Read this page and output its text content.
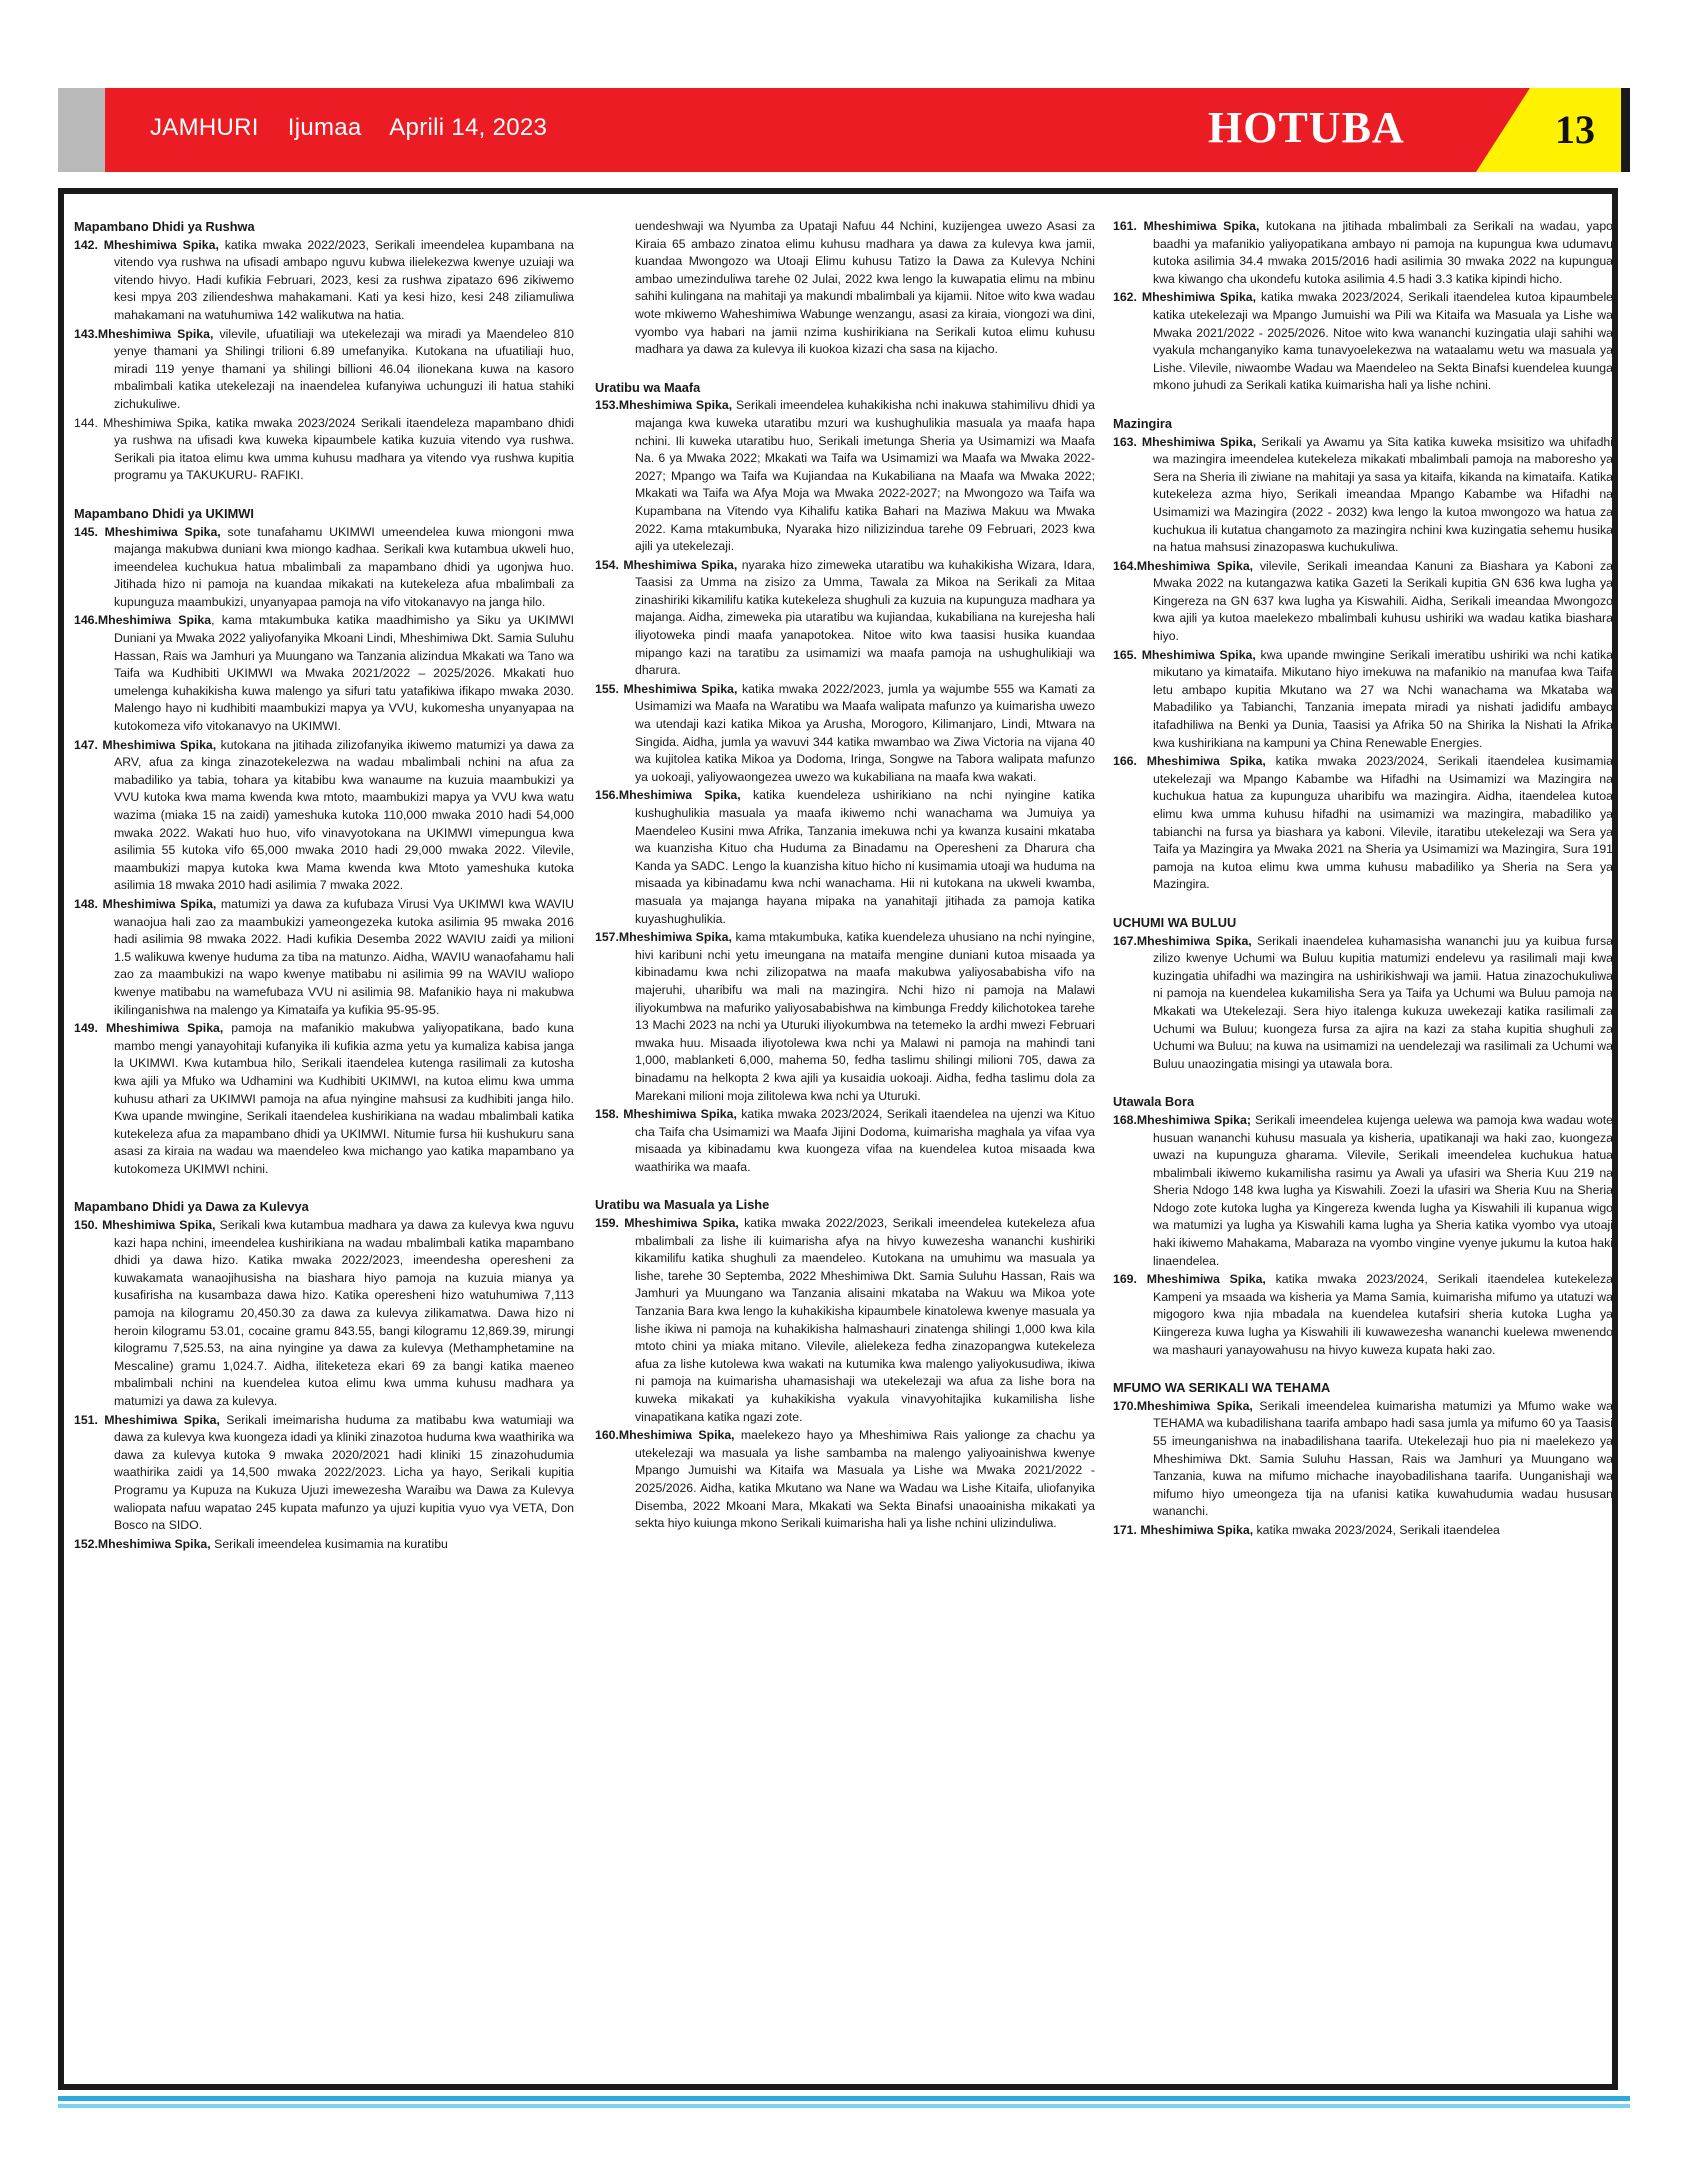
JAMHURI Ijumaa Aprili 14, 2023	HOTUBA	13
Mapambano Dhidi ya Rushwa

142. Mheshimiwa Spika, katika mwaka 2022/2023, Serikali imeendelea kupambana na vitendo vya rushwa na ufisadi ambapo nguvu kubwa ilielekezwa kwenye uzuiaji wa vitendo hivyo. Hadi kufikia Februari, 2023, kesi za rushwa zipatazo 696 zikiwemo kesi mpya 203 ziliendeshwa mahakamani. Kati ya kesi hizo, kesi 248 ziliamuliwa mahakamani na watuhumiwa 142 walikutwa na hatia.

143.Mheshimiwa Spika, vilevile, ufuatiliaji wa utekelezaji wa miradi ya Maendeleo 810 yenye thamani ya Shilingi trilioni 6.89 umefanyika. Kutokana na ufuatiliaji huo, miradi 119 yenye thamani ya shilingi billioni 46.04 ilionekana kuwa na kasoro mbalimbali katika utekelezaji na inaendelea kufanyiwa uchunguzi ili hatua stahiki zichukuliwe.

144. Mheshimiwa Spika, katika mwaka 2023/2024 Serikali itaendeleza mapambano dhidi ya rushwa na ufisadi kwa kuweka kipaumbele katika kuzuia vitendo vya rushwa. Serikali pia itatoa elimu kwa umma kuhusu madhara ya vitendo vya rushwa kupitia programu ya TAKUKURU- RAFIKI.

Mapambano Dhidi ya UKIMWI

145. Mheshimiwa Spika, sote tunafahamu UKIMWI umeendelea kuwa miongoni mwa majanga makubwa duniani kwa miongo kadhaa. Serikali kwa kutambua ukweli huo, imeendelea kuchukua hatua mbalimbali za mapambano dhidi ya ugonjwa huo. Jitihada hizo ni pamoja na kuandaa mikakati na kutekeleza afua mbalimbali za kupunguza maambukizi, unyanyapaa pamoja na vifo vitokanavyo na janga hilo.

146.Mheshimiwa Spika, kama mtakumbuka katika maadhimisho ya Siku ya UKIMWI Duniani ya Mwaka 2022 yaliyofanyika Mkoani Lindi, Mheshimiwa Dkt. Samia Suluhu Hassan, Rais wa Jamhuri ya Muungano wa Tanzania alizindua Mkakati wa Tano wa Taifa wa Kudhibiti UKIMWI wa Mwaka 2021/2022 – 2025/2026. Mkakati huo umelenga kuhakikisha kuwa malengo ya sifuri tatu yatafikiwa ifikapo mwaka 2030. Malengo hayo ni kudhibiti maambukizi mapya ya VVU, kukomesha unyanyapaa na kutokomeza vifo vitokanavyo na UKIMWI.

147. Mheshimiwa Spika, kutokana na jitihada zilizofanyika ikiwemo matumizi ya dawa za ARV, afua za kinga zinazotekelezwa na wadau mbalimbali nchini na afua za mabadiliko ya tabia, tohara ya kitabibu kwa wanaume na kuzuia maambukizi ya VVU kutoka kwa mama kwenda kwa mtoto, maambukizi mapya ya VVU kwa watu wazima (miaka 15 na zaidi) yameshuka kutoka 110,000 mwaka 2010 hadi 54,000 mwaka 2022. Wakati huo huo, vifo vinavyotokana na UKIMWI vimepungua kwa asilimia 55 kutoka vifo 65,000 mwaka 2010 hadi 29,000 mwaka 2022. Vilevile, maambukizi mapya kutoka kwa Mama kwenda kwa Mtoto yameshuka kutoka asilimia 18 mwaka 2010 hadi asilimia 7 mwaka 2022.

148. Mheshimiwa Spika, matumizi ya dawa za kufubaza Virusi Vya UKIMWI kwa WAVIU wanaojua hali zao za maambukizi yameongezeka kutoka asilimia 95 mwaka 2016 hadi asilimia 98 mwaka 2022. Hadi kufikia Desemba 2022 WAVIU zaidi ya milioni 1.5 walikuwa kwenye huduma za tiba na matunzo. Aidha, WAVIU wanaofahamu hali zao za maambukizi na wapo kwenye matibabu ni asilimia 99 na WAVIU waliopo kwenye matibabu na wamefubaza VVU ni asilimia 98. Mafanikio haya ni makubwa ikilinganishwa na malengo ya Kimataifa ya kufikia 95-95-95.

149. Mheshimiwa Spika, pamoja na mafanikio makubwa yaliyopatikana, bado kuna mambo mengi yanayohitaji kufanyika ili kufikia azma yetu ya kumaliza kabisa janga la UKIMWI. Kwa kutambua hilo, Serikali itaendelea kutenga rasilimali za kutosha kwa ajili ya Mfuko wa Udhamini wa Kudhibiti UKIMWI, na kutoa elimu kwa umma kuhusu athari za UKIMWI pamoja na afua nyingine mahsusi za kudhibiti janga hilo. Kwa upande mwingine, Serikali itaendelea kushirikiana na wadau mbalimbali katika kutekeleza afua za mapambano dhidi ya UKIMWI. Nitumie fursa hii kushukuru sana asasi za kiraia na wadau wa maendeleo kwa michango yao katika mapambano ya kutokomeza UKIMWI nchini.

Mapambano Dhidi ya Dawa za Kulevya

150. Mheshimiwa Spika, Serikali kwa kutambua madhara ya dawa za kulevya kwa nguvu kazi hapa nchini, imeendelea kushirikiana na wadau mbalimbali katika mapambano dhidi ya dawa hizo. Katika mwaka 2022/2023, imeendesha operesheni za kuwakamata wanaojihusisha na biashara hiyo pamoja na kuzuia mianya ya kusafirisha na kusambaza dawa hizo. Katika operesheni hizo watuhumiwa 7,113 pamoja na kilogramu 20,450.30 za dawa za kulevya zilikamatwa. Dawa hizo ni heroin kilogramu 53.01, cocaine gramu 843.55, bangi kilogramu 12,869.39, mirungi kilogramu 7,525.53, na aina nyingine ya dawa za kulevya (Methamphetamine na Mescaline) gramu 1,024.7. Aidha, iliteketeza ekari 69 za bangi katika maeneo mbalimbali nchini na kuendelea kutoa elimu kwa umma kuhusu madhara ya matumizi ya dawa za kulevya.

151. Mheshimiwa Spika, Serikali imeimarisha huduma za matibabu kwa watumiaji wa dawa za kulevya kwa kuongeza idadi ya kliniki zinazotoa huduma kwa waathirika wa dawa za kulevya kutoka 9 mwaka 2020/2021 hadi kliniki 15 zinazohudumia waathirika zaidi ya 14,500 mwaka 2022/2023. Licha ya hayo, Serikali kupitia Programu ya Kupuza na Kukuza Ujuzi imewezesha Waraibu wa Dawa za Kulevya waliopata nafuu wapatao 245 kupata mafunzo ya ujuzi kupitia vyuo vya VETA, Don Bosco na SIDO.

152.Mheshimiwa Spika, Serikali imeendelea kusimamia na kuratibu

uendeshwaji wa Nyumba za Upataji Nafuu 44 Nchini, kuzijengea uwezo Asasi za Kiraia 65 ambazo zinatoa elimu kuhusu madhara ya dawa za kulevya kwa jamii, kuandaa Mwongozo wa Utoaji Elimu kuhusu Tatizo la Dawa za Kulevya Nchini ambao umezinduliwa tarehe 02 Julai, 2022 kwa lengo la kuwapatia elimu na mbinu sahihi kulingana na mahitaji ya makundi mbalimbali ya kijamii. Nitoe wito kwa wadau wote mkiwemo Waheshimiwa Wabunge wenzangu, asasi za kiraia, viongozi wa dini, vyombo vya habari na jamii nzima kushirikiana na Serikali kutoa elimu kuhusu madhara ya dawa za kulevya ili kuokoa kizazi cha sasa na kijacho.

Uratibu wa Maafa

153.Mheshimiwa Spika, Serikali imeendelea kuhakikisha nchi inakuwa stahimilivu dhidi ya majanga kwa kuweka utaratibu mzuri wa kushughulikia masuala ya maafa hapa nchini. Ili kuweka utaratibu huo, Serikali imetunga Sheria ya Usimamizi wa Maafa Na. 6 ya Mwaka 2022; Mkakati wa Taifa wa Usimamizi wa Maafa wa Mwaka 2022-2027; Mpango wa Taifa wa Kujiandaa na Kukabiliana na Maafa wa Mwaka 2022; Mkakati wa Taifa wa Afya Moja wa Mwaka 2022-2027; na Mwongozo wa Taifa wa Kupambana na Vitendo vya Kihalifu katika Bahari na Maziwa Makuu wa Mwaka 2022. Kama mtakumbuka, Nyaraka hizo nilizizindua tarehe 09 Februari, 2023 kwa ajili ya utekelezaji.

154. Mheshimiwa Spika, nyaraka hizo zimeweka utaratibu wa kuhakikisha Wizara, Idara, Taasisi za Umma na zisizo za Umma, Tawala za Mikoa na Serikali za Mitaa zinashiriki kikamilifu katika kutekeleza shughuli za kuzuia na kupunguza madhara ya majanga. Aidha, zimeweka pia utaratibu wa kujiandaa, kukabiliana na kurejesha hali iliyotoweka pindi maafa yanapotokea. Nitoe wito kwa taasisi husika kuandaa mipango kazi na taratibu za usimamizi wa maafa pamoja na ushughulikiaji wa dharura.

155. Mheshimiwa Spika, katika mwaka 2022/2023, jumla ya wajumbe 555 wa Kamati za Usimamizi wa Maafa na Waratibu wa Maafa walipata mafunzo ya kuimarisha uwezo wa utendaji kazi katika Mikoa ya Arusha, Morogoro, Kilimanjaro, Lindi, Mtwara na Singida. Aidha, jumla ya wavuvi 344 katika mwambao wa Ziwa Victoria na vijana 40 wa kujitolea katika Mikoa ya Dodoma, Iringa, Songwe na Tabora walipata mafunzo ya uokoaji, yaliyowaongezea uwezo wa kukabiliana na maafa kwa wakati.

156.Mheshimiwa Spika, katika kuendeleza ushirikiano na nchi nyingine katika kushughulikia masuala ya maafa ikiwemo nchi wanachama wa Jumuiya ya Maendeleo Kusini mwa Afrika, Tanzania imekuwa nchi ya kwanza kusaini mkataba wa kuanzisha Kituo cha Huduma za Binadamu na Operesheni za Dharura cha Kanda ya SADC. Lengo la kuanzisha kituo hicho ni kusimamia utoaji wa huduma na misaada ya kibinadamu kwa nchi wanachama. Hii ni kutokana na ukweli kwamba, masuala ya majanga hayana mipaka na yanahitaji jitihada za pamoja katika kuyashughulikia.

157.Mheshimiwa Spika, kama mtakumbuka, katika kuendeleza uhusiano na nchi nyingine, hivi karibuni nchi yetu imeungana na mataifa mengine duniani kutoa misaada ya kibinadamu kwa nchi zilizopatwa na maafa makubwa yaliyosababisha vifo na majeruhi, uharibifu wa mali na mazingira. Nchi hizo ni pamoja na Malawi iliyokumbwa na mafuriko yaliyosababishwa na kimbunga Freddy kilichotokea tarehe 13 Machi 2023 na nchi ya Uturuki iliyokumbwa na tetemeko la ardhi mwezi Februari mwaka huu. Misaada iliyotolewa kwa nchi ya Malawi ni pamoja na mahindi tani 1,000, mablanketi 6,000, mahema 50, fedha taslimu shilingi milioni 705, dawa za binadamu na helkopta 2 kwa ajili ya kusaidia uokoaji. Aidha, fedha taslimu dola za Marekani milioni moja zilitolewa kwa nchi ya Uturuki.

158. Mheshimiwa Spika, katika mwaka 2023/2024, Serikali itaendelea na ujenzi wa Kituo cha Taifa cha Usimamizi wa Maafa Jijini Dodoma, kuimarisha maghala ya vifaa vya misaada ya kibinadamu kwa kuongeza vifaa na kuendelea kutoa misaada kwa waathirika wa maafa.

Uratibu wa Masuala ya Lishe

159. Mheshimiwa Spika, katika mwaka 2022/2023, Serikali imeendelea kutekeleza afua mbalimbali za lishe ili kuimarisha afya na hivyo kuwezesha wananchi kushiriki kikamilifu katika shughuli za maendeleo. Kutokana na umuhimu wa masuala ya lishe, tarehe 30 Septemba, 2022 Mheshimiwa Dkt. Samia Suluhu Hassan, Rais wa Jamhuri ya Muungano wa Tanzania alisaini mkataba na Wakuu wa Mikoa yote Tanzania Bara kwa lengo la kuhakikisha kipaumbele kinatolewa kwenye masuala ya lishe ikiwa ni pamoja na kuhakikisha halmashauri zinatenga shilingi 1,000 kwa kila mtoto chini ya miaka mitano. Vilevile, alielekeza fedha zinazopangwa kutekeleza afua za lishe kutolewa kwa wakati na kutumika kwa malengo yaliyokusudiwa, ikiwa ni pamoja na kuimarisha uhamasishaji wa utekelezaji wa afua za lishe bora na kuweka mikakati ya kuhakikisha vyakula vinavyohitajika kukamilisha lishe vinapatikana katika ngazi zote.

160.Mheshimiwa Spika, maelekezo hayo ya Mheshimiwa Rais yalionge za chachu ya utekelezaji wa masuala ya lishe sambamba na malengo yaliyoainishwa kwenye Mpango Jumuishi wa Kitaifa wa Masuala ya Lishe wa Mwaka 2021/2022 - 2025/2026. Aidha, katika Mkutano wa Nane wa Wadau wa Lishe Kitaifa, uliofanyika Disemba, 2022 Mkoani Mara, Mkakati wa Sekta Binafsi unaoainisha mikakati ya sekta hiyo kuiunga mkono Serikali kuimarisha hali ya lishe nchini ulizinduliwa.

161. Mheshimiwa Spika, kutokana na jitihada mbalimbali za Serikali na wadau, yapo baadhi ya mafanikio yaliyopatikana ambayo ni pamoja na kupungua kwa udumavu kutoka asilimia 34.4 mwaka 2015/2016 hadi asilimia 30 mwaka 2022 na kupungua kwa kiwango cha ukondefu kutoka asilimia 4.5 hadi 3.3 katika kipindi hicho.

162. Mheshimiwa Spika, katika mwaka 2023/2024, Serikali itaendelea kutoa kipaumbele katika utekelezaji wa Mpango Jumuishi wa Pili wa Kitaifa wa Masuala ya Lishe wa Mwaka 2021/2022 - 2025/2026. Nitoe wito kwa wananchi kuzingatia ulaji sahihi wa vyakula mchanganyiko kama tunavyoelekezwa na wataalamu wetu wa masuala ya Lishe. Vilevile, niwaombe Wadau wa Maendeleo na Sekta Binafsi kuendelea kuunga mkono juhudi za Serikali katika kuimarisha hali ya lishe nchini.

Mazingira

163. Mheshimiwa Spika, Serikali ya Awamu ya Sita katika kuweka msisitizo wa uhifadhi wa mazingira imeendelea kutekeleza mikakati mbalimbali pamoja na maboresho ya Sera na Sheria ili ziwiane na mahitaji ya sasa ya kitaifa, kikanda na kimataifa. Katika kutekeleza azma hiyo, Serikali imeandaa Mpango Kabambe wa Hifadhi na Usimamizi wa Mazingira (2022 - 2032) kwa lengo la kutoa mwongozo wa hatua za kuchukua ili kutatua changamoto za mazingira nchini kwa kuzingatia sehemu husika na hatua mahsusi zinazopaswa kuchukuliwa.

164.Mheshimiwa Spika, vilevile, Serikali imeandaa Kanuni za Biashara ya Kaboni za Mwaka 2022 na kutangazwa katika Gazeti la Serikali kupitia GN 636 kwa lugha ya Kingereza na GN 637 kwa lugha ya Kiswahili. Aidha, Serikali imeandaa Mwongozo kwa ajili ya kutoa maelekezo mbalimbali kuhusu ushiriki wa wadau katika biashara hiyo.

165. Mheshimiwa Spika, kwa upande mwingine Serikali imeratibu ushiriki wa nchi katika mikutano ya kimataifa. Mikutano hiyo imekuwa na mafanikio na manufaa kwa Taifa letu ambapo kupitia Mkutano wa 27 wa Nchi wanachama wa Mkataba wa Mabadiliko ya Tabianchi, Tanzania imepata miradi ya nishati jadidifu ambayo itafadhiliwa na Benki ya Dunia, Taasisi ya Afrika 50 na Shirika la Nishati la Afrika kwa kushirikiana na kampuni ya China Renewable Energies.

166. Mheshimiwa Spika, katika mwaka 2023/2024, Serikali itaendelea kusimamia utekelezaji wa Mpango Kabambe wa Hifadhi na Usimamizi wa Mazingira na kuchukua hatua za kupunguza uharibifu wa mazingira. Aidha, itaendelea kutoa elimu kwa umma kuhusu hifadhi na usimamizi wa mazingira, mabadiliko ya tabianchi na fursa ya biashara ya kaboni. Vilevile, itaratibu utekelezaji wa Sera ya Taifa ya Mazingira ya Mwaka 2021 na Sheria ya Usimamizi wa Mazingira, Sura 191 pamoja na kutoa elimu kwa umma kuhusu mabadiliko ya Sheria na Sera ya Mazingira.

UCHUMI WA BULUU

167.Mheshimiwa Spika, Serikali inaendelea kuhamasisha wananchi juu ya kuibua fursa zilizo kwenye Uchumi wa Buluu kupitia matumizi endelevu ya rasilimali maji kwa kuzingatia uhifadhi wa mazingira na ushirikishwaji wa jamii. Hatua zinazochukuliwa ni pamoja na kuendelea kukamilisha Sera ya Taifa ya Uchumi wa Buluu pamoja na Mkakati wa Utekelezaji. Sera hiyo italenga kukuza uwekezaji katika rasilimali za Uchumi wa Buluu; kuongeza fursa za ajira na kazi za staha kupitia shughuli za Uchumi wa Buluu; na kuwa na usimamizi na uendelezaji wa rasilimali za Uchumi wa Buluu unaozingatia misingi ya utawala bora.

Utawala Bora

168.Mheshimiwa Spika; Serikali imeendelea kujenga uelewa wa pamoja kwa wadau wote husuan wananchi kuhusu masuala ya kisheria, upatikanaji wa haki zao, kuongeza uwazi na kupunguza gharama. Vilevile, Serikali imeendelea kuchukua hatua mbalimbali ikiwemo kukamilisha rasimu ya Awali ya ufasiri wa Sheria Kuu 219 na Sheria Ndogo 148 kwa lugha ya Kiswahili. Zoezi la ufasiri wa Sheria Kuu na Sheria Ndogo zote kutoka lugha ya Kingereza kwenda lugha ya Kiswahili ili kupanua wigo wa matumizi ya lugha ya Kiswahili kama lugha ya Sheria katika vyombo vya utoaji haki ikiwemo Mahakama, Mabaraza na vyombo vingine vyenye jukumu la kutoa haki linaendelea.

169. Mheshimiwa Spika, katika mwaka 2023/2024, Serikali itaendelea kutekeleza Kampeni ya msaada wa kisheria ya Mama Samia, kuimarisha mifumo ya utatuzi wa migogoro kwa njia mbadala na kuendelea kutafsiri sheria kutoka Lugha ya Kiingereza kuwa lugha ya Kiswahili ili kuwawezesha wananchi kuelewa mwenendo wa mashauri yanayowahusu na hivyo kuweza kupata haki zao.

MFUMO WA SERIKALI WA TEHAMA

170.Mheshimiwa Spika, Serikali imeendelea kuimarisha matumizi ya Mfumo wake wa TEHAMA wa kubadilishana taarifa ambapo hadi sasa jumla ya mifumo 60 ya Taasisi 55 imeunganishwa na inabadilishana taarifa. Utekelezaji huo pia ni maelekezo ya Mheshimiwa Dkt. Samia Suluhu Hassan, Rais wa Jamhuri ya Muungano wa Tanzania, kuwa na mifumo michache inayobadilishana taarifa. Uunganishaji wa mifumo hiyo umeongeza tija na ufanisi katika kuwahudumia wadau hususan wananchi.

171. Mheshimiwa Spika, katika mwaka 2023/2024, Serikali itaendelea
